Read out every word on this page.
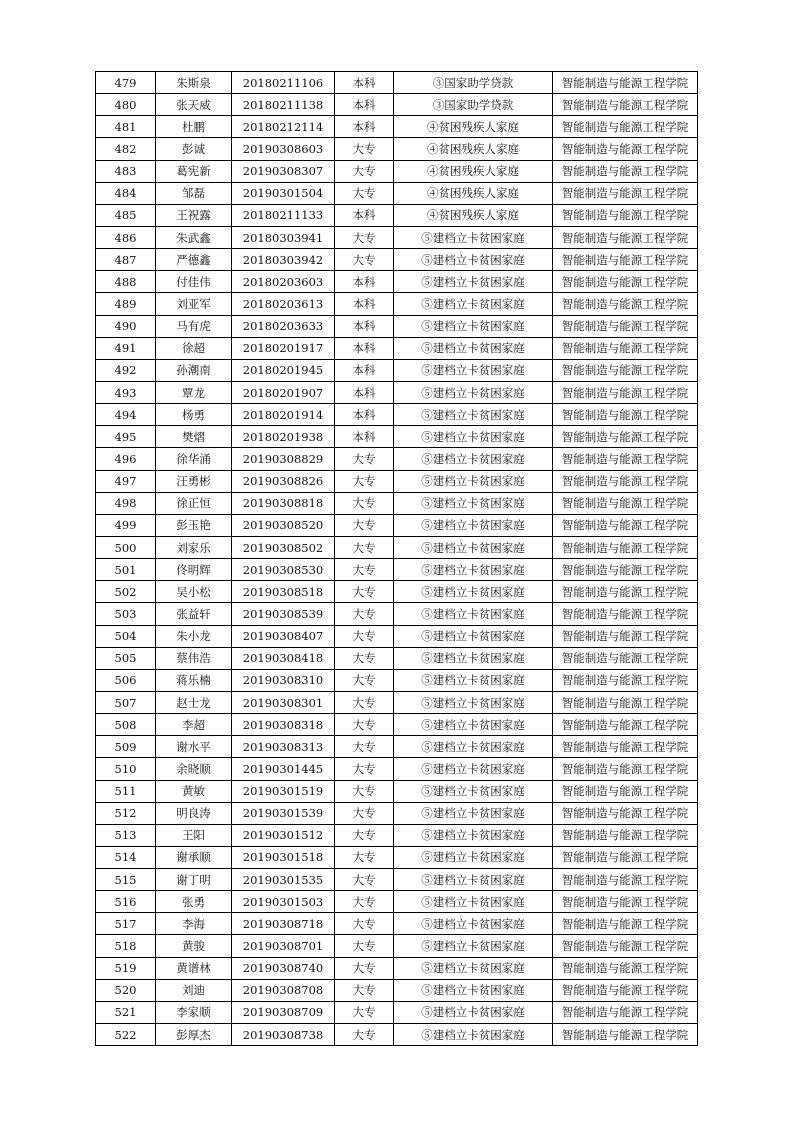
479	朱斯泉	20180211106	本科	③国家助学贷款	智能制造与能源工程学院
480	张天威	20180211138	本科	③国家助学贷款	智能制造与能源工程学院
481	杜鹏	20180212114	本科	④贫困残疾人家庭	智能制造与能源工程学院
482	彭诚	20190308603	大专	④贫困残疾人家庭	智能制造与能源工程学院
483	葛宪新	20190308307	大专	④贫困残疾人家庭	智能制造与能源工程学院
484	邹磊	20190301504	大专	④贫困残疾人家庭	智能制造与能源工程学院
485	王祝露	20180211133	本科	④贫困残疾人家庭	智能制造与能源工程学院
486	朱武鑫	20180303941	大专	⑤建档立卡贫困家庭	智能制造与能源工程学院
487	严德鑫	20180303942	大专	⑤建档立卡贫困家庭	智能制造与能源工程学院
488	付佳伟	20180203603	本科	⑤建档立卡贫困家庭	智能制造与能源工程学院
489	刘亚军	20180203613	本科	⑤建档立卡贫困家庭	智能制造与能源工程学院
490	马有虎	20180203633	本科	⑤建档立卡贫困家庭	智能制造与能源工程学院
491	徐超	20180201917	本科	⑤建档立卡贫困家庭	智能制造与能源工程学院
492	孙潮南	20180201945	本科	⑤建档立卡贫困家庭	智能制造与能源工程学院
493	覃龙	20180201907	本科	⑤建档立卡贫困家庭	智能制造与能源工程学院
494	杨勇	20180201914	本科	⑤建档立卡贫困家庭	智能制造与能源工程学院
495	樊熠	20180201938	本科	⑤建档立卡贫困家庭	智能制造与能源工程学院
496	徐华涌	20190308829	大专	⑤建档立卡贫困家庭	智能制造与能源工程学院
497	汪勇彬	20190308826	大专	⑤建档立卡贫困家庭	智能制造与能源工程学院
498	徐正恒	20190308818	大专	⑤建档立卡贫困家庭	智能制造与能源工程学院
499	彭玉艳	20190308520	大专	⑤建档立卡贫困家庭	智能制造与能源工程学院
500	刘家乐	20190308502	大专	⑤建档立卡贫困家庭	智能制造与能源工程学院
501	佟明辉	20190308530	大专	⑤建档立卡贫困家庭	智能制造与能源工程学院
502	吴小松	20190308518	大专	⑤建档立卡贫困家庭	智能制造与能源工程学院
503	张益轩	20190308539	大专	⑤建档立卡贫困家庭	智能制造与能源工程学院
504	朱小龙	20190308407	大专	⑤建档立卡贫困家庭	智能制造与能源工程学院
505	蔡伟浩	20190308418	大专	⑤建档立卡贫困家庭	智能制造与能源工程学院
506	蒋乐楠	20190308310	大专	⑤建档立卡贫困家庭	智能制造与能源工程学院
507	赵士龙	20190308301	大专	⑤建档立卡贫困家庭	智能制造与能源工程学院
508	李超	20190308318	大专	⑤建档立卡贫困家庭	智能制造与能源工程学院
509	谢水平	20190308313	大专	⑤建档立卡贫困家庭	智能制造与能源工程学院
510	余晓顺	20190301445	大专	⑤建档立卡贫困家庭	智能制造与能源工程学院
511	黄敏	20190301519	大专	⑤建档立卡贫困家庭	智能制造与能源工程学院
512	明良涛	20190301539	大专	⑤建档立卡贫困家庭	智能制造与能源工程学院
513	王阳	20190301512	大专	⑤建档立卡贫困家庭	智能制造与能源工程学院
514	谢承顺	20190301518	大专	⑤建档立卡贫困家庭	智能制造与能源工程学院
515	谢丁明	20190301535	大专	⑤建档立卡贫困家庭	智能制造与能源工程学院
516	张勇	20190301503	大专	⑤建档立卡贫困家庭	智能制造与能源工程学院
517	李海	20190308718	大专	⑤建档立卡贫困家庭	智能制造与能源工程学院
518	黄骏	20190308701	大专	⑤建档立卡贫困家庭	智能制造与能源工程学院
519	黄谱林	20190308740	大专	⑤建档立卡贫困家庭	智能制造与能源工程学院
520	刘迪	20190308708	大专	⑤建档立卡贫困家庭	智能制造与能源工程学院
521	李家顺	20190308709	大专	⑤建档立卡贫困家庭	智能制造与能源工程学院
522	彭厚杰	20190308738	大专	⑤建档立卡贫困家庭	智能制造与能源工程学院
